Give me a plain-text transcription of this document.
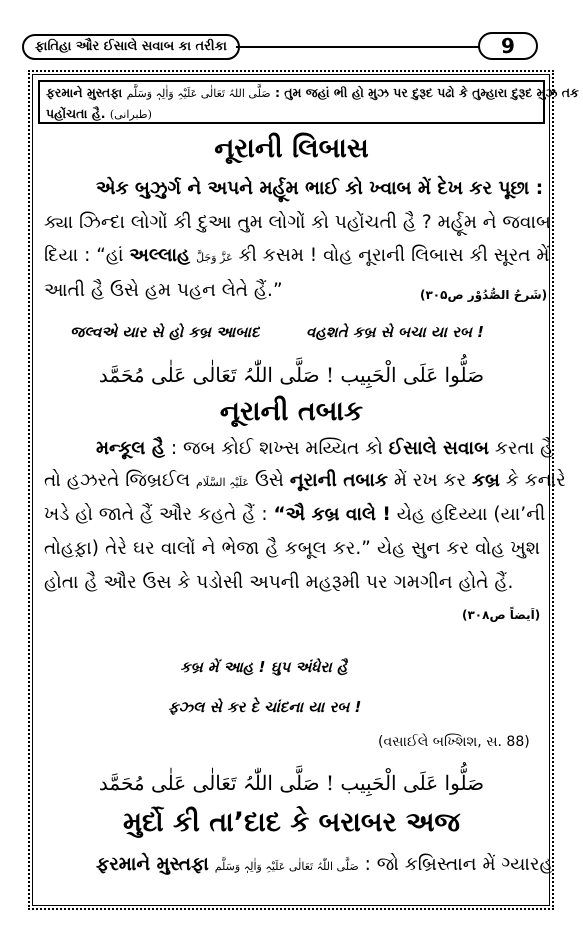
ફાતિહા ઔર ઈસાલે સવાબ કા તરીકા	9
ફરમાને મુસ્તફા صَلَّی اللہُ تَعَالٰی عَلَیْہِ وَاٰلِہٖ وَسَلَّم : તુમ જહાં ભી હો મુઝ પર દુરૂદ પઢો કે તુમ્હારા દુરૂદ મુઝ તક
પહોંચતા હૈ. (طبرانی)
નૂરાની લિબાસ
એક બુઝુર્ગ ને અપને મર્હૂમ ભાઈ કો ખ્વાબ મેં દેખ કર પૂછા :
ક્યા ઝિન્દા લોગોં કી દુઆ તુમ લોગોં કો પહોંચતી હૈ ? મર્હૂમ ને જવાબ
દિયા : “હાં અલ્લાહ عَزَّ وَجَلَّ કી કસમ ! વોહ નૂરાની લિબાસ કી સૂરત મેં
આતી હૈ ઉસે હમ પહન લેતે હૈં.”	(شَرحُ الصُّدُوْر ص۳۰۵)
જલ્વએ યાર સે હો કબ્ર આબાદ	વહશતે કબ્ર સે બચા યા રબ !
صَلُّوا عَلَی الْحَبِیب ! صَلَّی اللّٰہُ تَعَالٰی عَلٰی مُحَمَّد
નૂરાની તબાક
મન્કૂલ હૈ : જબ કોઈ શખ્સ મય્યિત કો ઈસાલે સવાબ કરતા હૈ
તો હઝરતે જિબ્રઈલ عَلَیْہِ السَّلَام ઉસે નૂરાની તબાક મેં રખ કર કબ્ર કે કનારે
ખડે હો જાતે હૈં ઔર કહતે હૈં : “ઐ કબ્ર વાલે ! યેહ હદિય્યા (યા’ની
તોહફ઼ા) તેરે ઘર વાલોં ને ભેજા હૈ કબૂલ કર.” યેહ સુન કર વોહ ખુશ
હોતા હૈ ઔર ઉસ કે પડોસી અપની મહરૂમી પર ગમગીન હોતે હૈં.
(اَیضاً ص۳۰۸)
કબ્ર મેં આહ ! ઘુપ અંધેરા હૈ
ફઝ્લ સે કર દે ચાંદના યા રબ !
(વસાઈલે બખ્શિશ, સ. 88)
صَلُّوا عَلَی الْحَبِیب ! صَلَّی اللّٰہُ تَعَالٰی عَلٰی مُحَمَّد
મુર્દો કી તા’દાદ કે બરાબર અજ
ફરમાને મુસ્તફા صَلَّی اللّٰہُ تَعَالٰی عَلَیْہِ وَاٰلِہٖ وَسَلَّم : જો કબ્રિસ્તાન મેં ગ્યારહ
